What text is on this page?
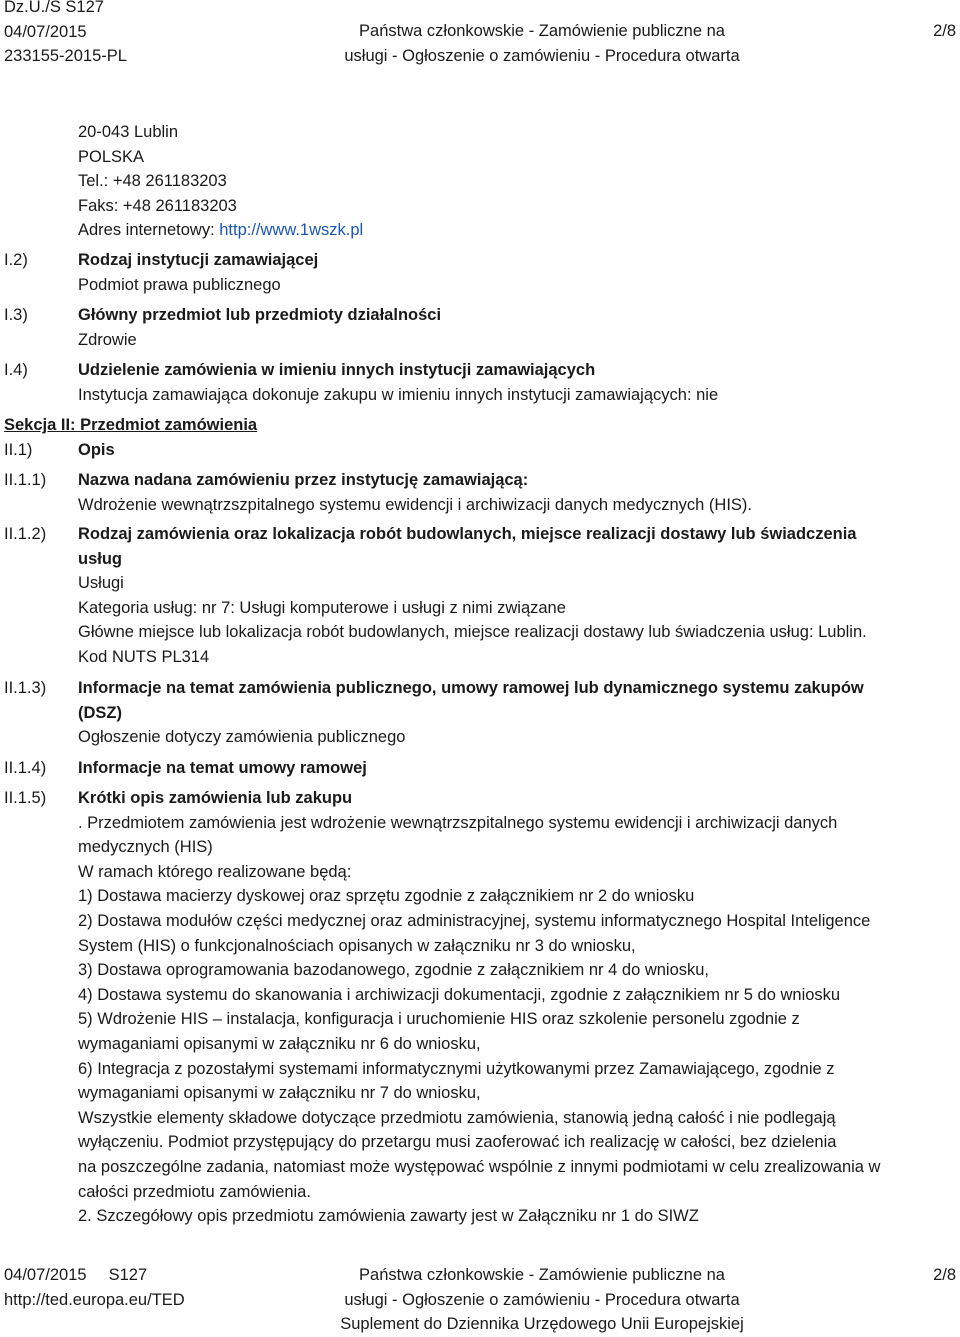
Dz.U./S S127
04/07/2015
233155-2015-PL
Państwa członkowskie - Zamówienie publiczne na
usługi - Ogłoszenie o zamówieniu - Procedura otwarta
2/8
20-043 Lublin
POLSKA
Tel.: +48 261183203
Faks: +48 261183203
Adres internetowy: http://www.1wszk.pl
I.2)	Rodzaj instytucji zamawiającej
Podmiot prawa publicznego
I.3)	Główny przedmiot lub przedmioty działalności
Zdrowie
I.4)	Udzielenie zamówienia w imieniu innych instytucji zamawiających
Instytucja zamawiająca dokonuje zakupu w imieniu innych instytucji zamawiających: nie
Sekcja II: Przedmiot zamówienia
II.1)	Opis
II.1.1) Nazwa nadana zamówieniu przez instytucję zamawiającą:
Wdrożenie wewnątrzszpitalnego systemu ewidencji i archiwizacji danych medycznych (HIS).
II.1.2) Rodzaj zamówienia oraz lokalizacja robót budowlanych, miejsce realizacji dostawy lub świadczenia
usług
Usługi
Kategoria usług: nr 7: Usługi komputerowe i usługi z nimi związane
Główne miejsce lub lokalizacja robót budowlanych, miejsce realizacji dostawy lub świadczenia usług: Lublin.
Kod NUTS PL314
II.1.3) Informacje na temat zamówienia publicznego, umowy ramowej lub dynamicznego systemu zakupów
(DSZ)
Ogłoszenie dotyczy zamówienia publicznego
II.1.4) Informacje na temat umowy ramowej
II.1.5) Krótki opis zamówienia lub zakupu
. Przedmiotem zamówienia jest wdrożenie wewnątrzszpitalnego systemu ewidencji i archiwizacji danych
medycznych (HIS)
W ramach którego realizowane będą:
1) Dostawa macierzy dyskowej oraz sprzętu zgodnie z załącznikiem nr 2 do wniosku
2) Dostawa modułów części medycznej oraz administracyjnej, systemu informatycznego Hospital Inteligence
System (HIS) o funkcjonalnościach opisanych w załączniku nr 3 do wniosku,
3) Dostawa oprogramowania bazodanowego, zgodnie z załącznikiem nr 4 do wniosku,
4) Dostawa systemu do skanowania i archiwizacji dokumentacji, zgodnie z załącznikiem nr 5 do wniosku
5) Wdrożenie HIS – instalacja, konfiguracja i uruchomienie HIS oraz szkolenie personelu zgodnie z
wymaganiami opisanymi w załączniku nr 6 do wniosku,
6) Integracja z pozostałymi systemami informatycznymi użytkowanymi przez Zamawiającego, zgodnie z
wymaganiami opisanymi w załączniku nr 7 do wniosku,
Wszystkie elementy składowe dotyczące przedmiotu zamówienia, stanowią jedną całość i nie podlegają
wyłączeniu. Podmiot przystępujący do przetargu musi zaoferować ich realizację w całości, bez dzielenia
na poszczególne zadania, natomiast może występować wspólnie z innymi podmiotami w celu zrealizowania w
całości przedmiotu zamówienia.
2. Szczegółowy opis przedmiotu zamówienia zawarty jest w Załączniku nr 1 do SIWZ
04/07/2015 S127
http://ted.europa.eu/TED
Państwa członkowskie - Zamówienie publiczne na
usługi - Ogłoszenie o zamówieniu - Procedura otwarta
Suplement do Dziennika Urzędowego Unii Europejskiej
2/8
